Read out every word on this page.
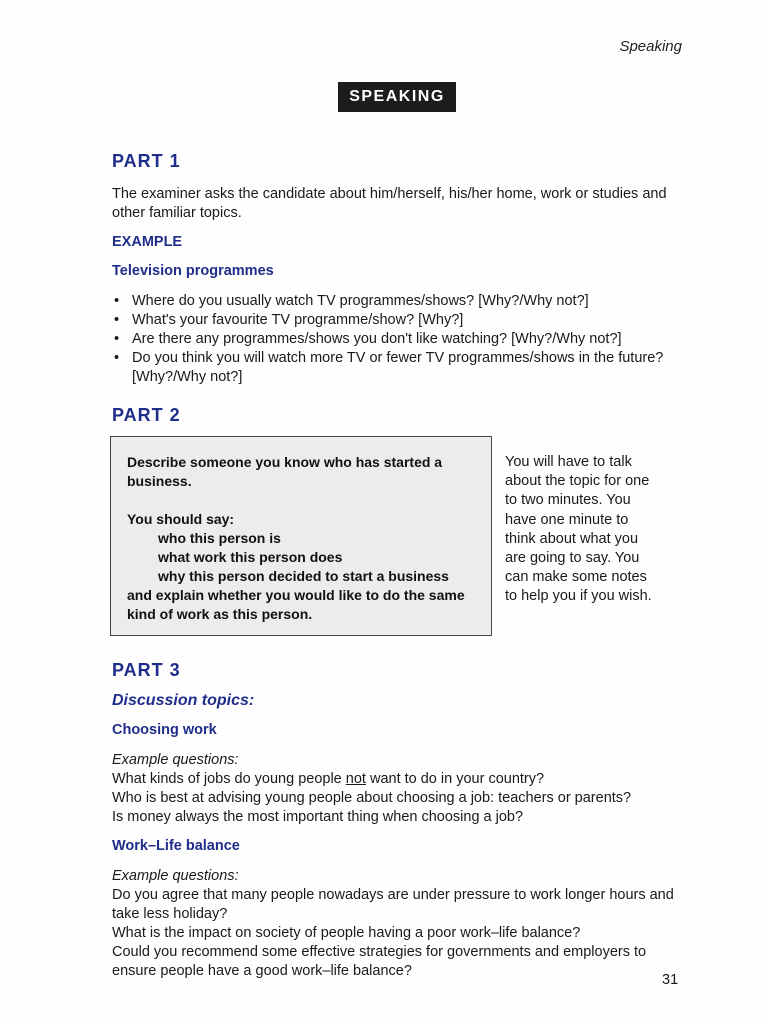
Speaking
SPEAKING
PART 1
The examiner asks the candidate about him/herself, his/her home, work or studies and other familiar topics.
EXAMPLE
Television programmes
• Where do you usually watch TV programmes/shows? [Why?/Why not?]
• What's your favourite TV programme/show? [Why?]
• Are there any programmes/shows you don't like watching? [Why?/Why not?]
• Do you think you will watch more TV or fewer TV programmes/shows in the future? [Why?/Why not?]
PART 2
Describe someone you know who has started a business.
You should say:
who this person is
what work this person does
why this person decided to start a business
and explain whether you would like to do the same kind of work as this person.
You will have to talk about the topic for one to two minutes. You have one minute to think about what you are going to say. You can make some notes to help you if you wish.
PART 3
Discussion topics:
Choosing work
Example questions:
What kinds of jobs do young people not want to do in your country?
Who is best at advising young people about choosing a job: teachers or parents?
Is money always the most important thing when choosing a job?
Work–Life balance
Example questions:
Do you agree that many people nowadays are under pressure to work longer hours and take less holiday?
What is the impact on society of people having a poor work–life balance?
Could you recommend some effective strategies for governments and employers to ensure people have a good work–life balance?
31
